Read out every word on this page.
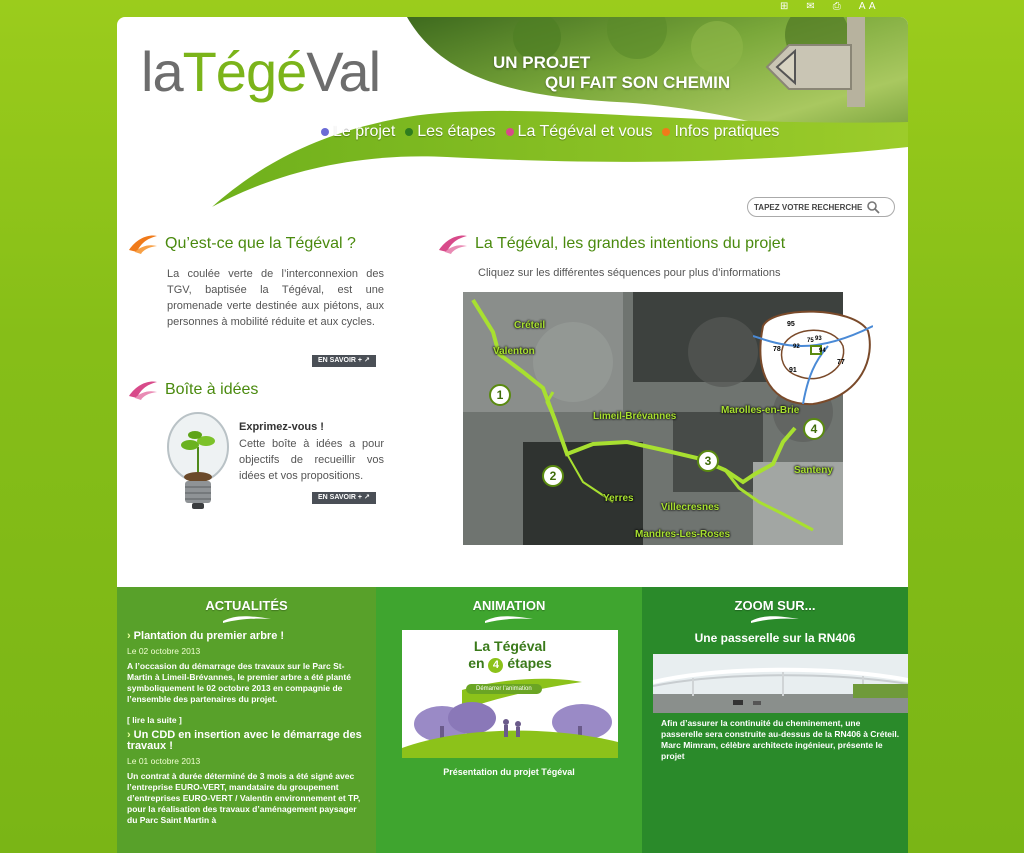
⊞ ✉ ⎙ A A
laTégéVal	UN PROJET
QUI FAIT SON CHEMIN
Le projet Les étapes La Tégéval et vous Infos pratiques
TAPEZ VOTRE RECHERCHE
Qu’est-ce que la Tégéval ?
La coulée verte de l’interconnexion des TGV, baptisée la Tégéval, est une promenade verte destinée aux piétons, aux personnes à mobilité réduite et aux cycles.
EN SAVOIR + ↗
Boîte à idées
Exprimez-vous !
Cette boîte à idées a pour objectifs de recueillir vos idées et vos propositions.
EN SAVOIR + ↗
La Tégéval, les grandes intentions du projet
Cliquez sur les différentes séquences pour plus d’informations
Créteil
Valenton
Limeil-Brévannes
Marolles-en-Brie
Santeny
Yerres
Villecresnes
Mandres-Les-Roses
1
2
3
4
95
78 92
75 93
94
91
77
ACTUALITÉS
› Plantation du premier arbre !
Le 02 octobre 2013

A l’occasion du démarrage des travaux sur le Parc St-Martin à Limeil-Brévannes, le premier arbre a été planté symboliquement le 02 octobre 2013 en compagnie de l’ensemble des partenaires du projet.

[ lire la suite ]
› Un CDD en insertion avec le démarrage des travaux !
Le 01 octobre 2013

Un contrat à durée déterminé de 3 mois a été signé avec l’entreprise EURO-VERT, mandataire du groupement d’entreprises EURO-VERT / Valentin environnement et TP, pour la réalisation des travaux d’aménagement paysager du Parc Saint Martin à

ANIMATION
La Tégéval
en 4 étapes
Démarrer l’animation
Présentation du projet Tégéval
ZOOM SUR...
Une passerelle sur la RN406
Afin d’assurer la continuité du cheminement, une passerelle sera construite au-dessus de la RN406 à Créteil. Marc Mimram, célèbre architecte ingénieur, présente le projet
